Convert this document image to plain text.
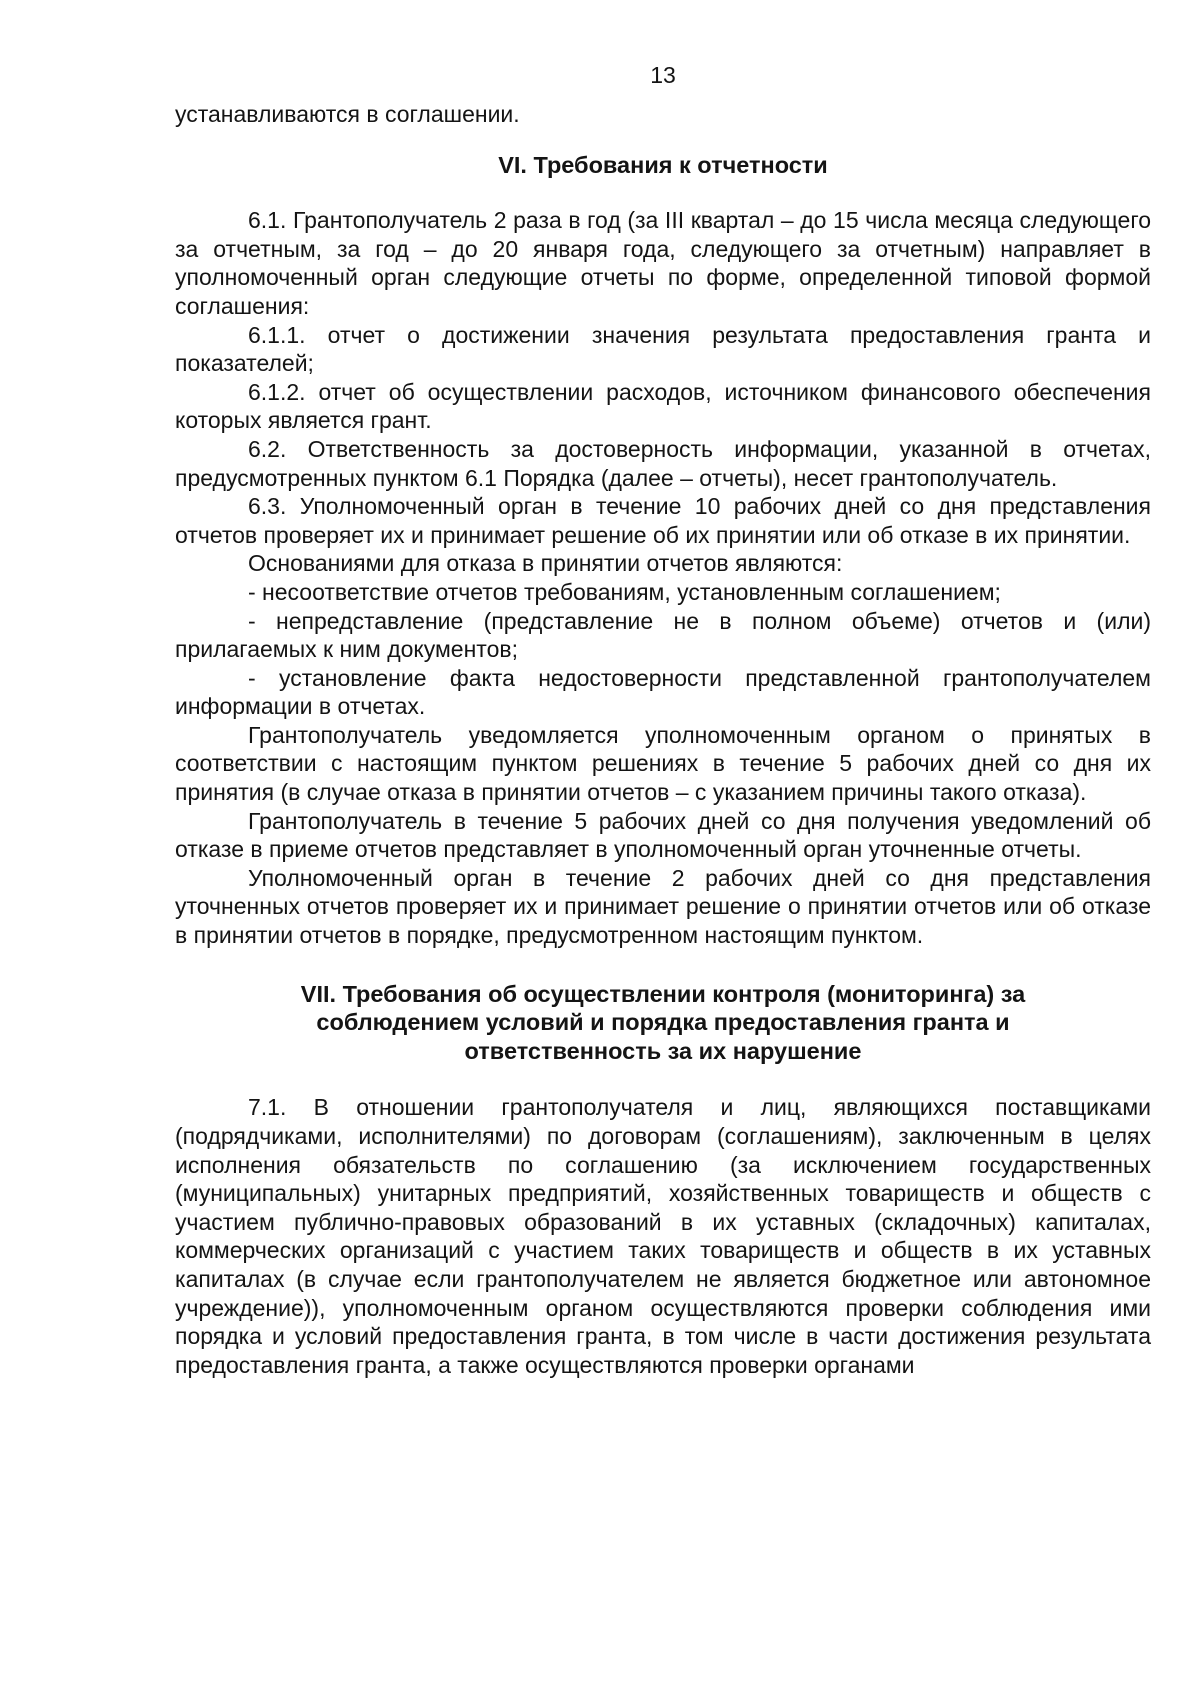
13

устанавливаются в соглашении.

VI. Требования к отчетности

6.1. Грантополучатель 2 раза в год (за III квартал – до 15 числа месяца следующего за отчетным, за год – до 20 января года, следующего за отчетным) направляет в уполномоченный орган следующие отчеты по форме, определенной типовой формой соглашения:

6.1.1. отчет о достижении значения результата предоставления гранта и показателей;

6.1.2. отчет об осуществлении расходов, источником финансового обеспечения которых является грант.

6.2. Ответственность за достоверность информации, указанной в отчетах, предусмотренных пунктом 6.1 Порядка (далее – отчеты), несет грантополучатель.

6.3. Уполномоченный орган в течение 10 рабочих дней со дня представления отчетов проверяет их и принимает решение об их принятии или об отказе в их принятии.

Основаниями для отказа в принятии отчетов являются:

- несоответствие отчетов требованиям, установленным соглашением;

- непредставление (представление не в полном объеме) отчетов и (или) прилагаемых к ним документов;

- установление факта недостоверности представленной грантополучателем информации в отчетах.

Грантополучатель уведомляется уполномоченным органом о принятых в соответствии с настоящим пунктом решениях в течение 5 рабочих дней со дня их принятия (в случае отказа в принятии отчетов – с указанием причины такого отказа).

Грантополучатель в течение 5 рабочих дней со дня получения уведомлений об отказе в приеме отчетов представляет в уполномоченный орган уточненные отчеты.

Уполномоченный орган в течение 2 рабочих дней со дня представления уточненных отчетов проверяет их и принимает решение о принятии отчетов или об отказе в принятии отчетов в порядке, предусмотренном настоящим пунктом.

VII. Требования об осуществлении контроля (мониторинга) за
соблюдением условий и порядка предоставления гранта и
ответственность за их нарушение

7.1. В отношении грантополучателя и лиц, являющихся поставщиками (подрядчиками, исполнителями) по договорам (соглашениям), заключенным в целях исполнения обязательств по соглашению (за исключением государственных (муниципальных) унитарных предприятий, хозяйственных товариществ и обществ с участием публично-правовых образований в их уставных (складочных) капиталах, коммерческих организаций с участием таких товариществ и обществ в их уставных капиталах (в случае если грантополучателем не является бюджетное или автономное учреждение)), уполномоченным органом осуществляются проверки соблюдения ими порядка и условий предоставления гранта, в том числе в части достижения результата предоставления гранта, а также осуществляются проверки органами
